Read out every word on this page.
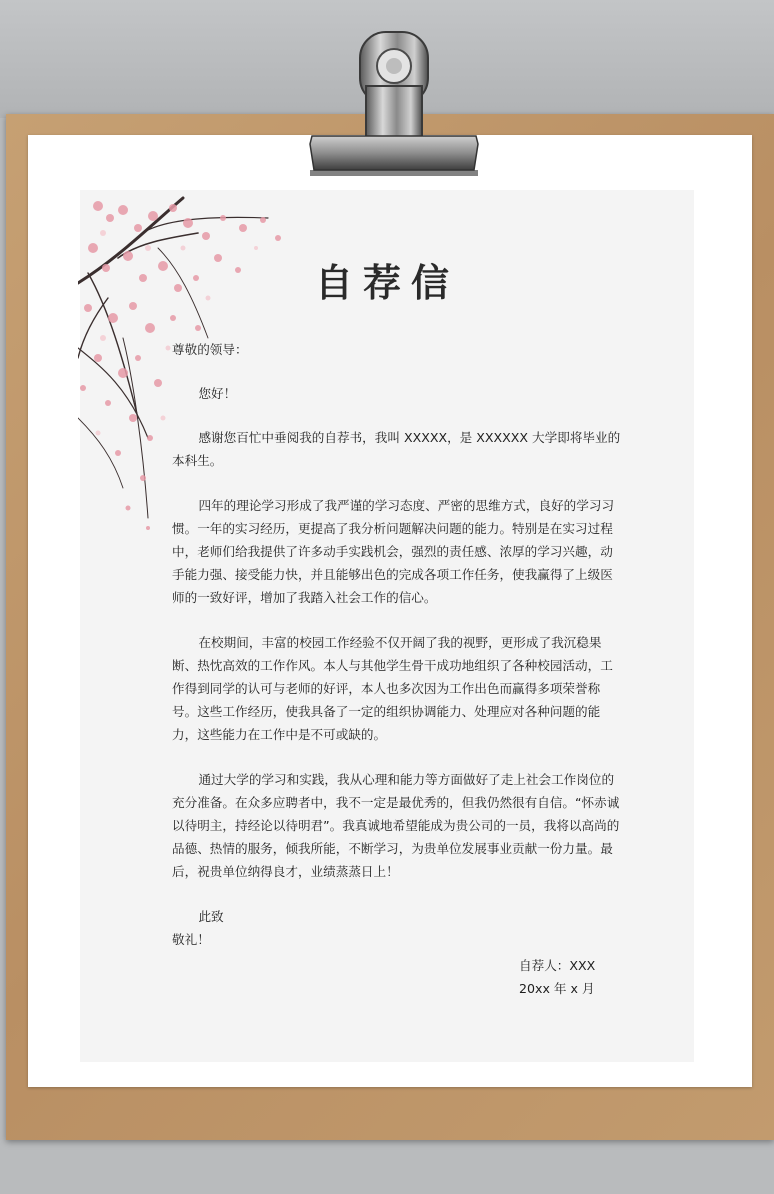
自荐信

尊敬的领导：

您好！

感谢您百忙中垂阅我的自荐书，我叫 XXXXX，是 XXXXXX 大学即将毕业的本科生。

四年的理论学习形成了我严谨的学习态度、严密的思维方式，良好的学习习惯。一年的实习经历，更提高了我分析问题解决问题的能力。特别是在实习过程中，老师们给我提供了许多动手实践机会，强烈的责任感、浓厚的学习兴趣，动手能力强、接受能力快，并且能够出色的完成各项工作任务，使我赢得了上级医师的一致好评，增加了我踏入社会工作的信心。

在校期间，丰富的校园工作经验不仅开阔了我的视野，更形成了我沉稳果断、热忱高效的工作作风。本人与其他学生骨干成功地组织了各种校园活动，工作得到同学的认可与老师的好评，本人也多次因为工作出色而赢得多项荣誉称号。这些工作经历，使我具备了一定的组织协调能力、处理应对各种问题的能力，这些能力在工作中是不可或缺的。

通过大学的学习和实践，我从心理和能力等方面做好了走上社会工作岗位的充分准备。在众多应聘者中，我不一定是最优秀的，但我仍然很有自信。“怀赤诚以待明主，持经论以待明君”。我真诚地希望能成为贵公司的一员，我将以高尚的品德、热情的服务，倾我所能，不断学习，为贵单位发展事业贡献一份力量。最后，祝贵单位纳得良才，业绩蒸蒸日上！

此致

敬礼！

自荐人：XXX
20xx 年 x 月
